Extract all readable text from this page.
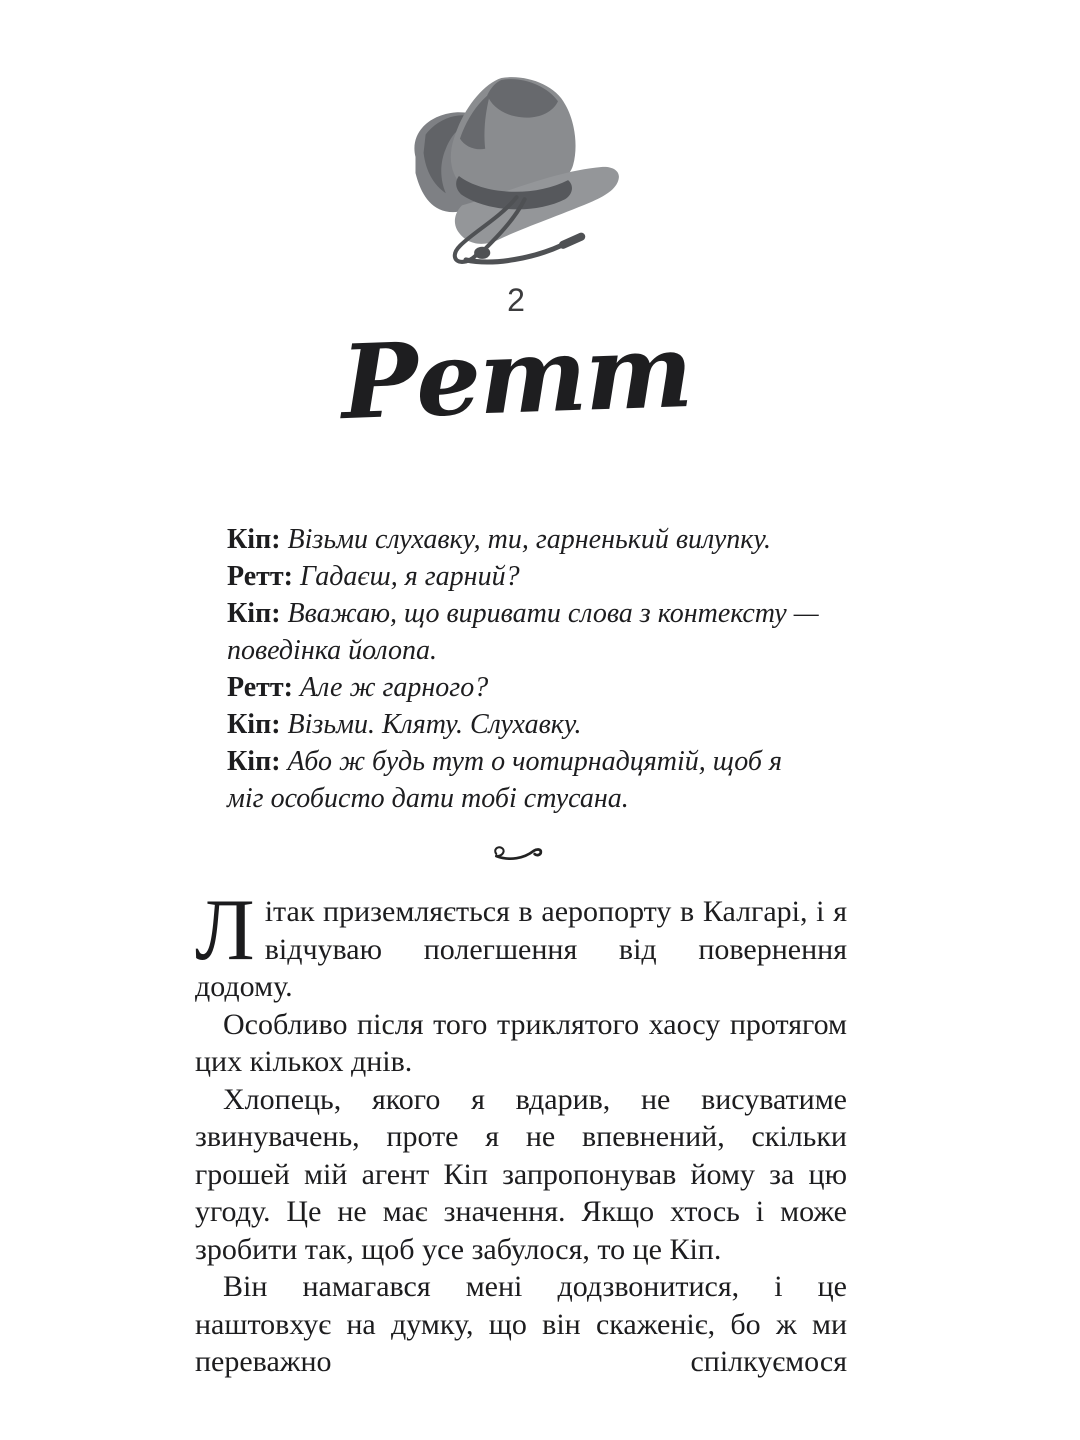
2
Ретт

Кіп: Візьми слухавку, ти, гарненький вилупку.

Ретт: Гадаєш, я гарний?

Кіп: Вважаю, що виривати слова з контексту — поведінка йолопа.

Ретт: Але ж гарного?

Кіп: Візьми. Кляту. Слухавку.

Кіп: Або ж будь тут о чотирнадцятій, щоб я міг особисто дати тобі стусана.

Літак приземляється в аеропорту в Калгарі, і я відчуваю полегшення від повернення додому.

Особливо після того триклятого хаосу протягом цих кількох днів.

Хлопець, якого я вдарив, не висуватиме звинувачень, проте я не впевнений, скільки грошей мій агент Кіп запропонував йому за цю угоду. Це не має значення. Якщо хтось і може зробити так, щоб усе забулося, то це Кіп.

Він намагався мені додзвонитися, і це наштовхує на думку, що він скаженіє, бо ж ми переважно спілкуємося
